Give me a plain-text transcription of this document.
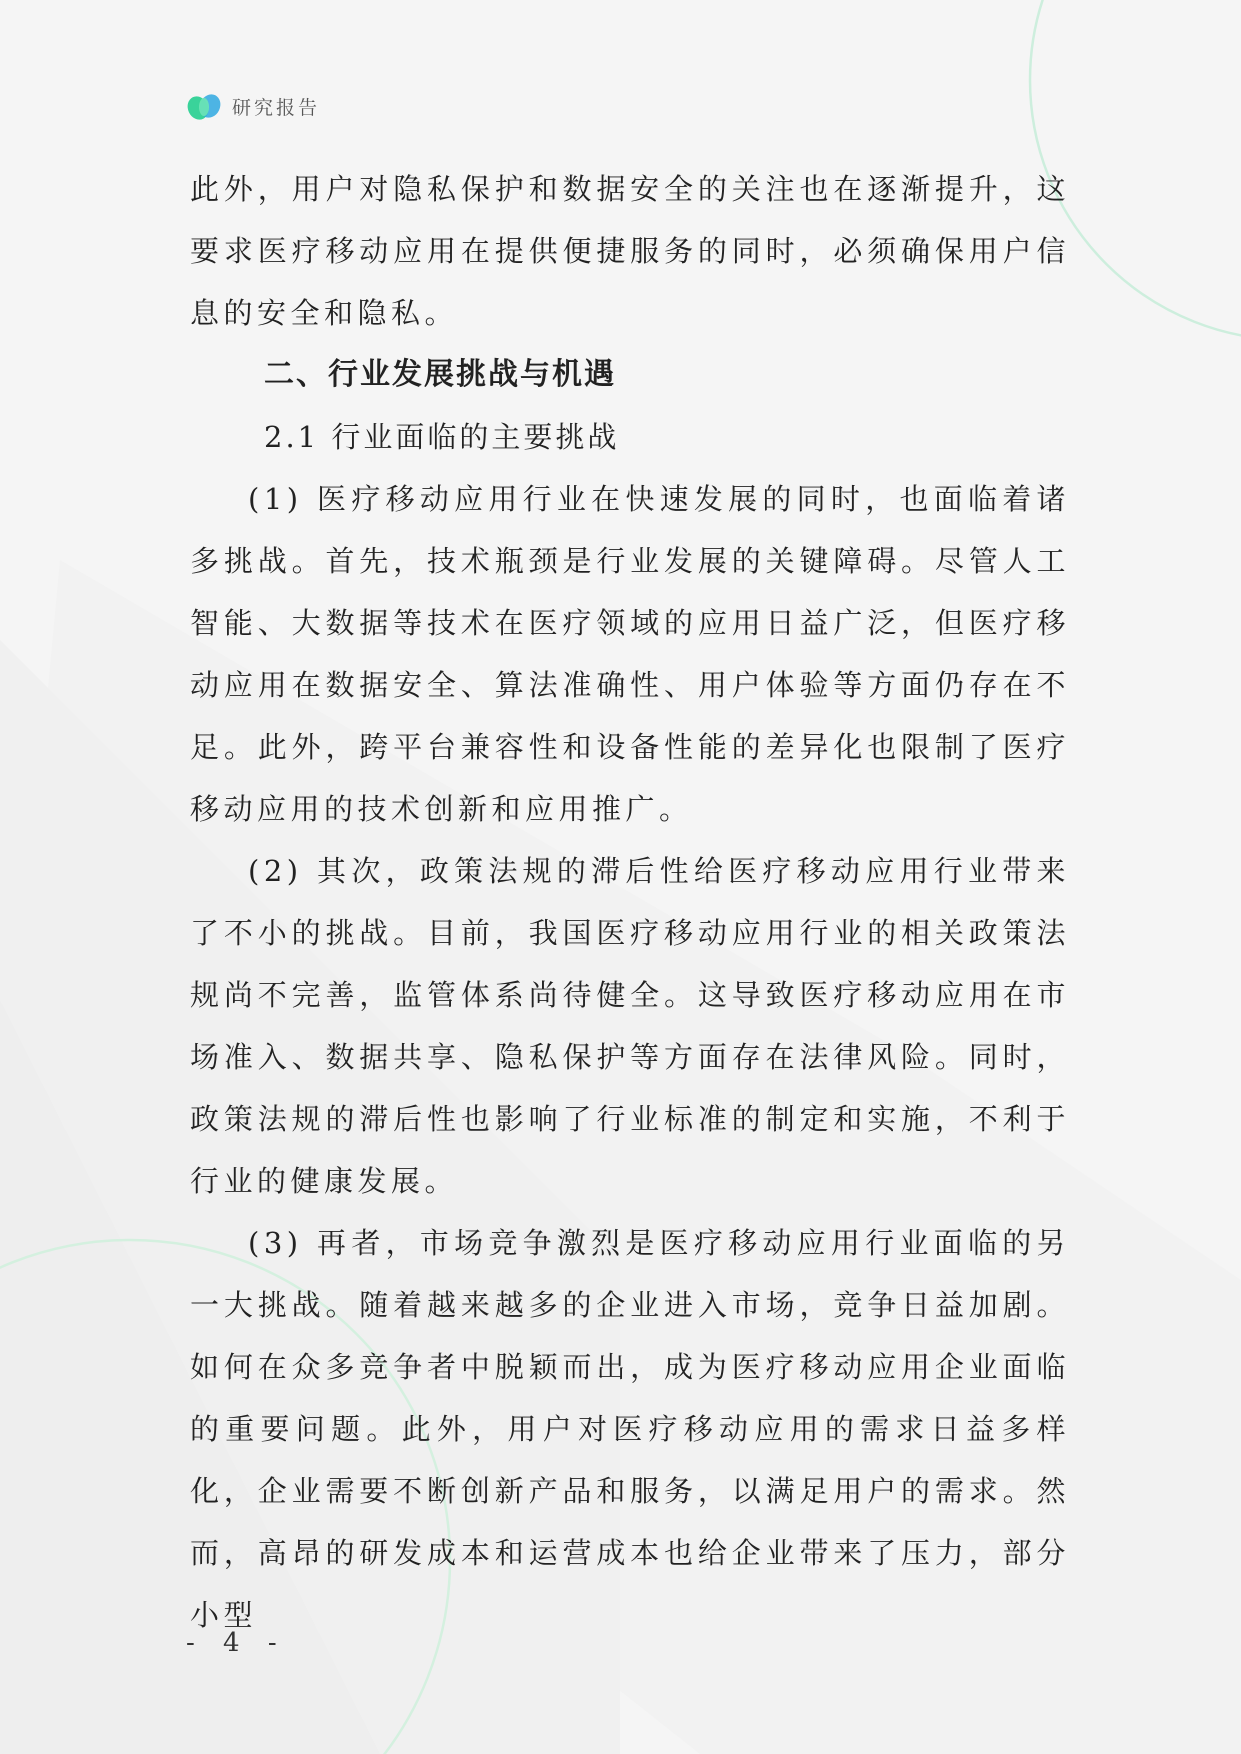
研究报告

此外，用户对隐私保护和数据安全的关注也在逐渐提升，这要求医疗移动应用在提供便捷服务的同时，必须确保用户信息的安全和隐私。

二、行业发展挑战与机遇

2.1 行业面临的主要挑战

(1) 医疗移动应用行业在快速发展的同时，也面临着诸多挑战。首先，技术瓶颈是行业发展的关键障碍。尽管人工智能、大数据等技术在医疗领域的应用日益广泛，但医疗移动应用在数据安全、算法准确性、用户体验等方面仍存在不足。此外，跨平台兼容性和设备性能的差异化也限制了医疗移动应用的技术创新和应用推广。

(2) 其次，政策法规的滞后性给医疗移动应用行业带来了不小的挑战。目前，我国医疗移动应用行业的相关政策法规尚不完善，监管体系尚待健全。这导致医疗移动应用在市场准入、数据共享、隐私保护等方面存在法律风险。同时，政策法规的滞后性也影响了行业标准的制定和实施，不利于行业的健康发展。

(3) 再者，市场竞争激烈是医疗移动应用行业面临的另一大挑战。随着越来越多的企业进入市场，竞争日益加剧。如何在众多竞争者中脱颖而出，成为医疗移动应用企业面临的重要问题。此外，用户对医疗移动应用的需求日益多样化，企业需要不断创新产品和服务，以满足用户的需求。然而，高昂的研发成本和运营成本也给企业带来了压力，部分小型

- 4 -
